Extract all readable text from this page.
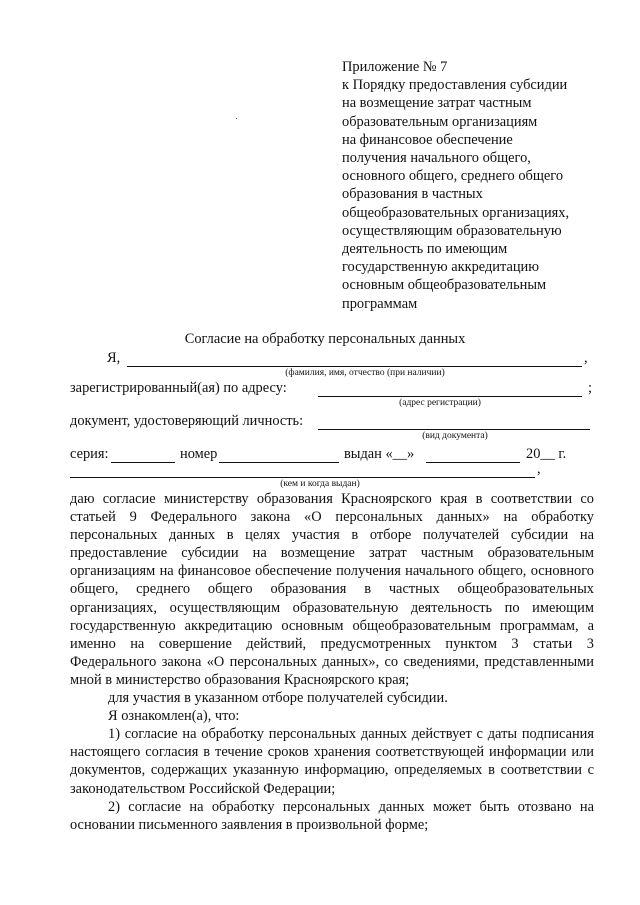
Приложение № 7
к Порядку предоставления субсидии
на возмещение затрат частным
образовательным организациям
на финансовое обеспечение
получения начального общего,
основного общего, среднего общего
образования в частных
общеобразовательных организациях,
осуществляющим образовательную
деятельность по имеющим
государственную аккредитацию
основным общеобразовательным
программам
Согласие на обработку персональных данных
Я,	,
(фамилия, имя, отчество (при наличии)
зарегистрированный(ая) по адресу:	;
(адрес регистрации)
документ, удостоверяющий личность:
(вид документа)
серия:	номер	выдан «__»	20__ г.
,
(кем и когда выдан)

даю согласие министерству образования Красноярского края в соответствии со статьей 9 Федерального закона «О персональных данных» на обработку персональных данных в целях участия в отборе получателей субсидии на предоставление субсидии на возмещение затрат частным образовательным организациям на финансовое обеспечение получения начального общего, основного общего, среднего общего образования в частных общеобразовательных организациях, осуществляющим образовательную деятельность по имеющим государственную аккредитацию основным общеобразовательным программам, а именно на совершение действий, предусмотренных пунктом 3 статьи 3 Федерального закона «О персональных данных», со сведениями, представленными мной в министерство образования Красноярского края;

для участия в указанном отборе получателей субсидии.

Я ознакомлен(а), что:

1) согласие на обработку персональных данных действует с даты подписания настоящего согласия в течение сроков хранения соответствующей информации или документов, содержащих указанную информацию, определяемых в соответствии с законодательством Российской Федерации;

2) согласие на обработку персональных данных может быть отозвано на основании письменного заявления в произвольной форме;
